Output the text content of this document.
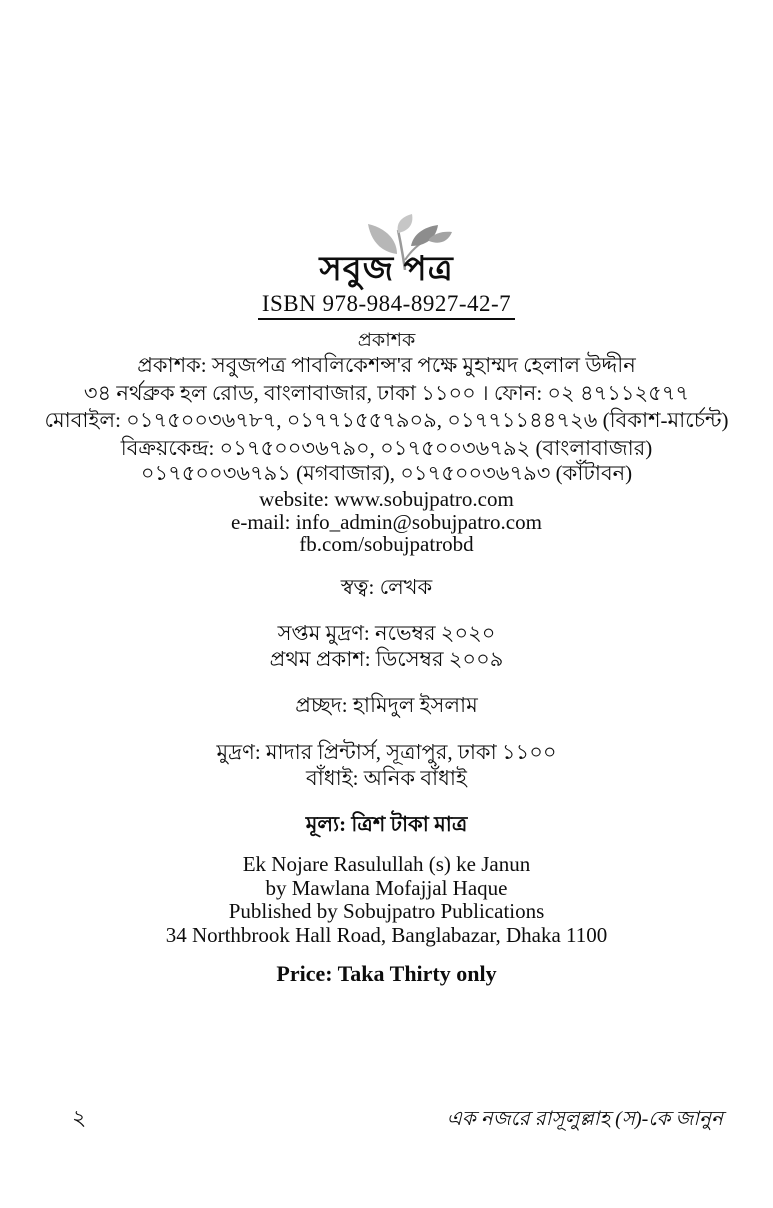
সবুজ পত্র
ISBN 978-984-8927-42-7
প্রকাশক
প্রকাশক: সবুজপত্র পাবলিকেশন্স'র পক্ষে মুহাম্মদ হেলাল উদ্দীন
৩৪ নর্থব্রুক হল রোড, বাংলাবাজার, ঢাকা ১১০০ । ফোন: ০২ ৪৭১১২৫৭৭
মোবাইল: ০১৭৫০০৩৬৭৮৭, ০১৭৭১৫৫৭৯০৯, ০১৭৭১১৪৪৭২৬ (বিকাশ-মার্চেন্ট)
বিক্রয়কেন্দ্র: ০১৭৫০০৩৬৭৯০, ০১৭৫০০৩৬৭৯২ (বাংলাবাজার)
০১৭৫০০৩৬৭৯১ (মগবাজার), ০১৭৫০০৩৬৭৯৩ (কাঁটাবন)
website: www.sobujpatro.com
e-mail: info_admin@sobujpatro.com
fb.com/sobujpatrobd
স্বত্ব: লেখক
সপ্তম মুদ্রণ: নভেম্বর ২০২০
প্রথম প্রকাশ: ডিসেম্বর ২০০৯
প্রচ্ছদ: হামিদুল ইসলাম
মুদ্রণ: মাদার প্রিন্টার্স, সূত্রাপুর, ঢাকা ১১০০
বাঁধাই: অনিক বাঁধাই
মূল্য: ত্রিশ টাকা মাত্র
Ek Nojare Rasulullah (s) ke Janun
by Mawlana Mofajjal Haque
Published by Sobujpatro Publications
34 Northbrook Hall Road, Banglabazar, Dhaka 1100
Price: Taka Thirty only
২	এক নজরে রাসূলুল্লাহ (স)-কে জানুন
